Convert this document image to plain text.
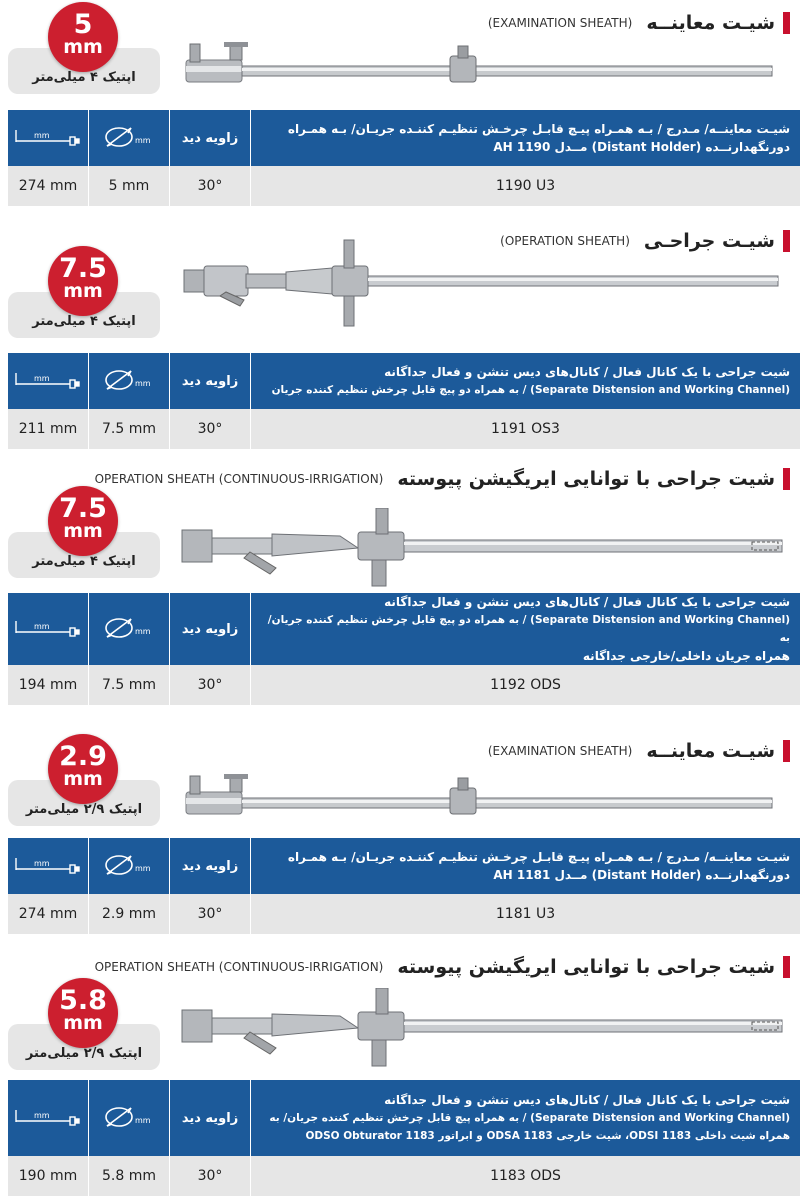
شیـت معاینــه
(EXAMINATION SHEATH)
اپتیک ۴ میلی‌متر
5
mm
mm
mm	زاویه دید
شیـت معاینــه/ مـدرج / بـه همـراه پیـچ قابـل چرخـش تنظیـم کننـده جریـان/ بـه همـراه
دورنگهدارنــده (Distant Holder) مــدل 1190 AH
274 mm	5 mm	30°	1190 U3
شیـت جراحـی
(OPERATION SHEATH)
اپتیک ۴ میلی‌متر
7.5
mm
mm
mm	زاویه دید
شیت جراحی با یک کانال فعال / کانال‌های دیس تنشن و فعال جداگانه
(Separate Distension and Working Channel) / به همراه دو پیچ قابل چرخش تنظیم کننده جریان
211 mm	7.5 mm	30°	1191 OS3
شیت جراحی با توانایی ایریگیشن پیوسته
OPERATION SHEATH (CONTINUOUS-IRRIGATION)
اپتیک ۴ میلی‌متر
7.5
mm
mm
mm	زاویه دید
شیت جراحی با یک کانال فعال / کانال‌های دیس تنشن و فعال جداگانه
(Separate Distension and Working Channel) / به همراه دو پیچ قابل چرخش تنظیم کننده جریان/ به
همراه جریان داخلی/خارجی جداگانه
194 mm	7.5 mm	30°	1192 ODS
شیـت معاینــه
(EXAMINATION SHEATH)
اپتیک ۲/۹ میلی‌متر
2.9
mm
mm
mm	زاویه دید
شیـت معاینــه/ مـدرج / بـه همـراه پیـچ قابـل چرخـش تنظیـم کننـده جریـان/ بـه همـراه
دورنگهدارنــده (Distant Holder) مــدل 1181 AH
274 mm	2.9 mm	30°	1181 U3
شیت جراحی با توانایی ایریگیشن پیوسته
OPERATION SHEATH (CONTINUOUS-IRRIGATION)
اپتیک ۲/۹ میلی‌متر
5.8
mm
mm
mm	زاویه دید
شیت جراحی با یک کانال فعال / کانال‌های دیس تنشن و فعال جداگانه
(Separate Distension and Working Channel) / به همراه پیچ قابل چرخش تنظیم کننده جریان/ به
همراه شیت داخلی 1183 ODSI، شیت خارجی 1183 ODSA و ابراتور 1183 ODSO Obturator
190 mm	5.8 mm	30°	1183 ODS
